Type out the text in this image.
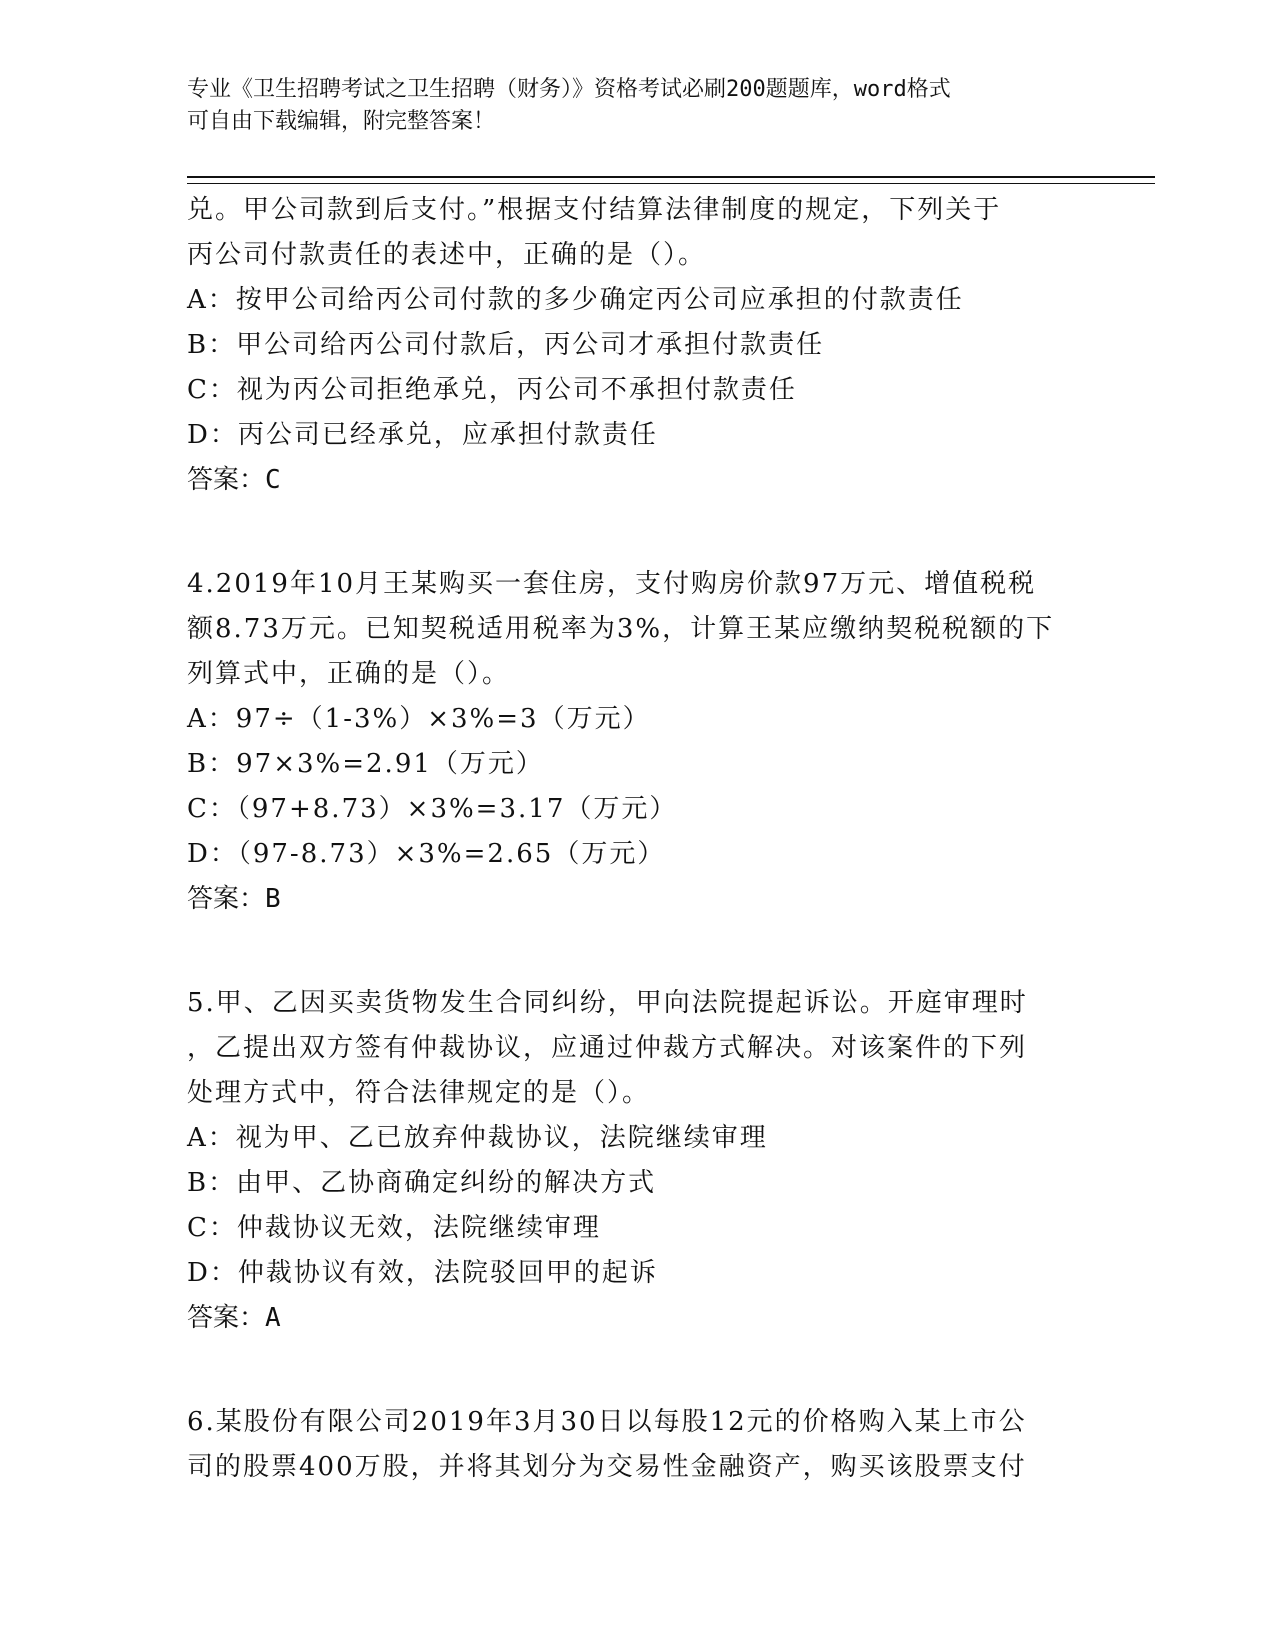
专业《卫生招聘考试之卫生招聘（财务）》资格考试必刷200题题库，word格式
可自由下载编辑，附完整答案！
兑。甲公司款到后支付。”根据支付结算法律制度的规定，下列关于
丙公司付款责任的表述中，正确的是（）。
A：按甲公司给丙公司付款的多少确定丙公司应承担的付款责任
B：甲公司给丙公司付款后，丙公司才承担付款责任
C：视为丙公司拒绝承兑，丙公司不承担付款责任
D：丙公司已经承兑，应承担付款责任
答案：C
4.2019年10月王某购买一套住房，支付购房价款97万元、增值税税
额8.73万元。已知契税适用税率为3%，计算王某应缴纳契税税额的下
列算式中，正确的是（）。
A：97÷（1-3%）×3%=3（万元）
B：97×3%=2.91（万元）
C：（97+8.73）×3%=3.17（万元）
D：（97-8.73）×3%=2.65（万元）
答案：B
5.甲、乙因买卖货物发生合同纠纷，甲向法院提起诉讼。开庭审理时
，乙提出双方签有仲裁协议，应通过仲裁方式解决。对该案件的下列
处理方式中，符合法律规定的是（）。
A：视为甲、乙已放弃仲裁协议，法院继续审理
B：由甲、乙协商确定纠纷的解决方式
C：仲裁协议无效，法院继续审理
D：仲裁协议有效，法院驳回甲的起诉
答案：A
6.某股份有限公司2019年3月30日以每股12元的价格购入某上市公
司的股票400万股，并将其划分为交易性金融资产，购买该股票支付
